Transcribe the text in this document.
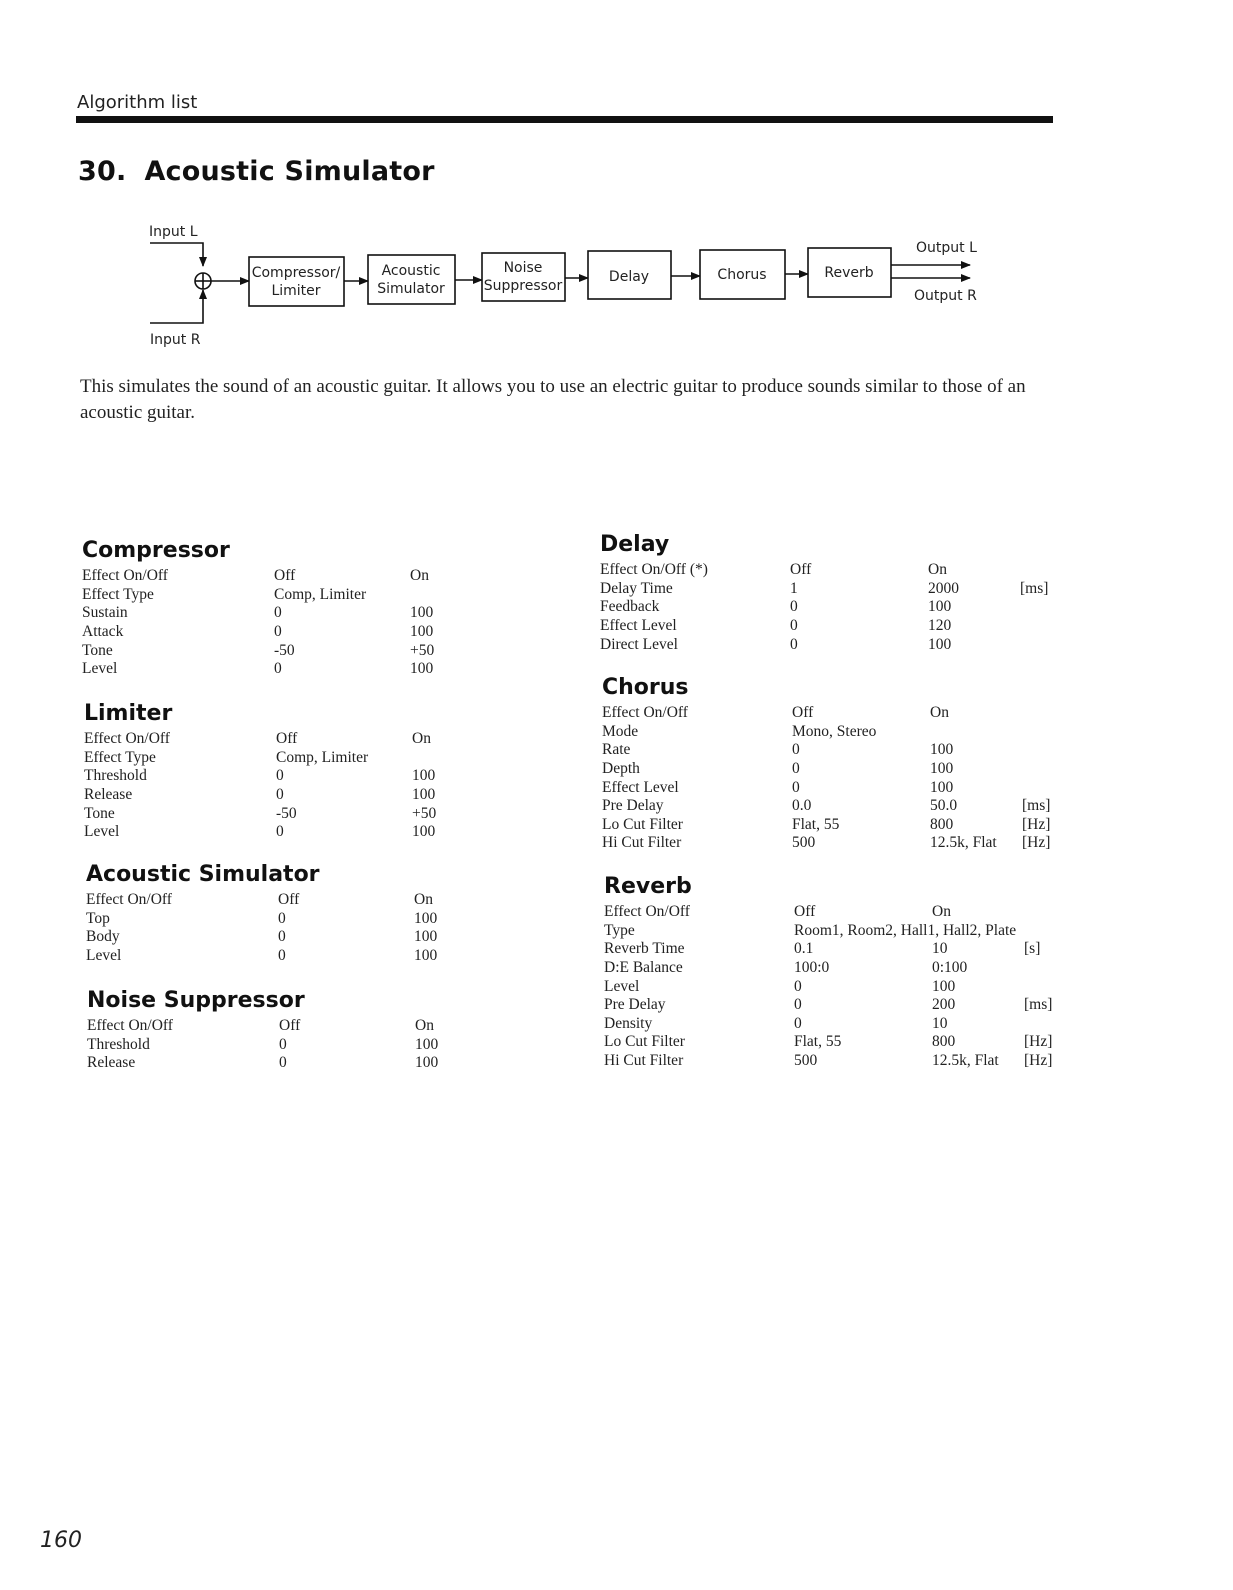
Algorithm list
30. Acoustic Simulator
Input L
Input R
Compressor/
Limiter
Acoustic
Simulator
Noise
Suppressor
Delay	Chorus	Reverb
Output L
Output R

This simulates the sound of an acoustic guitar. It allows you to use an electric guitar to produce sounds similar to those of an acoustic guitar.

Compressor
Effect On/Off	Off	On
Effect Type	Comp, Limiter
Sustain	0	100
Attack	0	100
Tone	-50	+50
Level	0	100
Limiter
Effect On/Off	Off	On
Effect Type	Comp, Limiter
Threshold	0	100
Release	0	100
Tone	-50	+50
Level	0	100
Acoustic Simulator
Effect On/Off	Off	On
Top	0	100
Body	0	100
Level	0	100
Noise Suppressor
Effect On/Off	Off	On
Threshold	0	100
Release	0	100
Delay
Effect On/Off (*)	Off	On
Delay Time	1	2000	[ms]
Feedback	0	100
Effect Level	0	120
Direct Level	0	100
Chorus
Effect On/Off	Off	On
Mode	Mono, Stereo
Rate	0	100
Depth	0	100
Effect Level	0	100
Pre Delay	0.0	50.0	[ms]
Lo Cut Filter	Flat, 55	800	[Hz]
Hi Cut Filter	500	12.5k, Flat	[Hz]
Reverb
Effect On/Off	Off	On
Type	Room1, Room2, Hall1, Hall2, Plate
Reverb Time	0.1	10	[s]
D:E Balance	100:0	0:100
Level	0	100
Pre Delay	0	200	[ms]
Density	0	10
Lo Cut Filter	Flat, 55	800	[Hz]
Hi Cut Filter	500	12.5k, Flat	[Hz]
160
